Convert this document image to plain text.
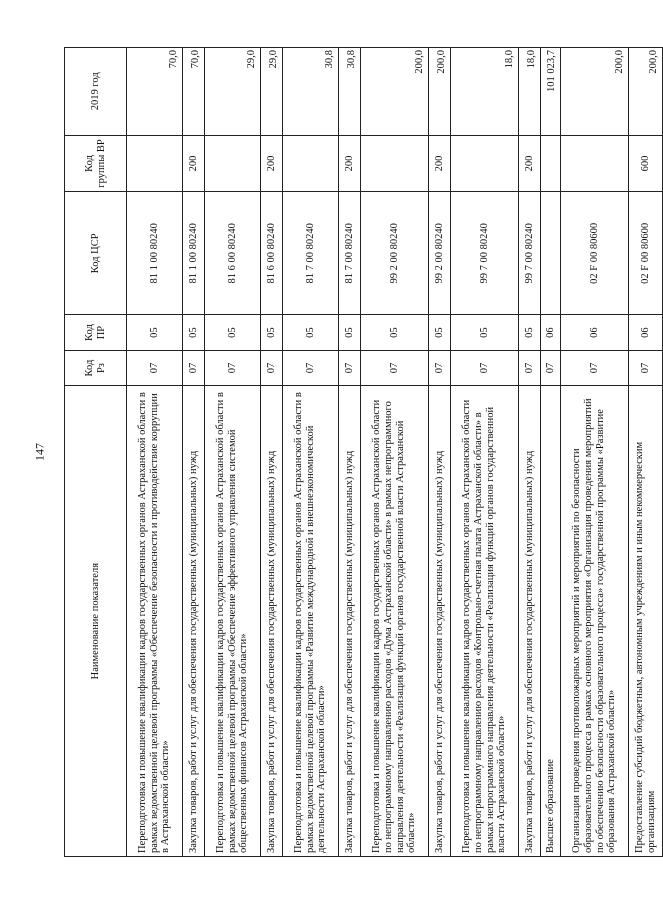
147
Наименование показателя	Код Рз	Код ПР	Код ЦСР	Код группы ВР	2019 год
Переподготовка и повышение квалификации кадров государственных органов Астраханской области в рамках ведомственной целевой программы «Обеспечение безопасности и противодействие коррупции в Астраханской области»	07	05	81 1 00 80240		70,0
Закупка товаров, работ и услуг для обеспечения государственных (муниципальных) нужд	07	05	81 1 00 80240	200	70,0
Переподготовка и повышение квалификации кадров государственных органов Астраханской области в рамках ведомственной целевой программы «Обеспечение эффективного управления системой общественных финансов Астраханской области»	07	05	81 6 00 80240		29,0
Закупка товаров, работ и услуг для обеспечения государственных (муниципальных) нужд	07	05	81 6 00 80240	200	29,0
Переподготовка и повышение квалификации кадров государственных органов Астраханской области в рамках ведомственной целевой программы «Развитие международной и внешнеэкономической деятельности Астраханской области»	07	05	81 7 00 80240		30,8
Закупка товаров, работ и услуг для обеспечения государственных (муниципальных) нужд	07	05	81 7 00 80240	200	30,8
Переподготовка и повышение квалификации кадров государственных органов Астраханской области по непрограммному направлению расходов «Дума Астраханской области» в рамках непрограммного направления деятельности «Реализация функций органов государственной власти Астраханской области»	07	05	99 2 00 80240		200,0
Закупка товаров, работ и услуг для обеспечения государственных (муниципальных) нужд	07	05	99 2 00 80240	200	200,0
Переподготовка и повышение квалификации кадров государственных органов Астраханской области по непрограммному направлению расходов «Контрольно-счетная палата Астраханской области» в рамках непрограммного направления деятельности «Реализация функций органов государственной власти Астраханской области»	07	05	99 7 00 80240		18,0
Закупка товаров, работ и услуг для обеспечения государственных (муниципальных) нужд	07	05	99 7 00 80240	200	18,0
Высшее образование	07	06			101 023,7
Организация проведения противопожарных мероприятий и мероприятий по безопасности образовательного процесса в рамках основного мероприятия «Организация проведения мероприятий по обеспечению безопасности образовательного процесса» государственной программы «Развитие образования Астраханской области»	07	06	02 F 00 80600		200,0
Предоставление субсидий бюджетным, автономным учреждениям и иным некоммерческим организациям	07	06	02 F 00 80600	600	200,0
